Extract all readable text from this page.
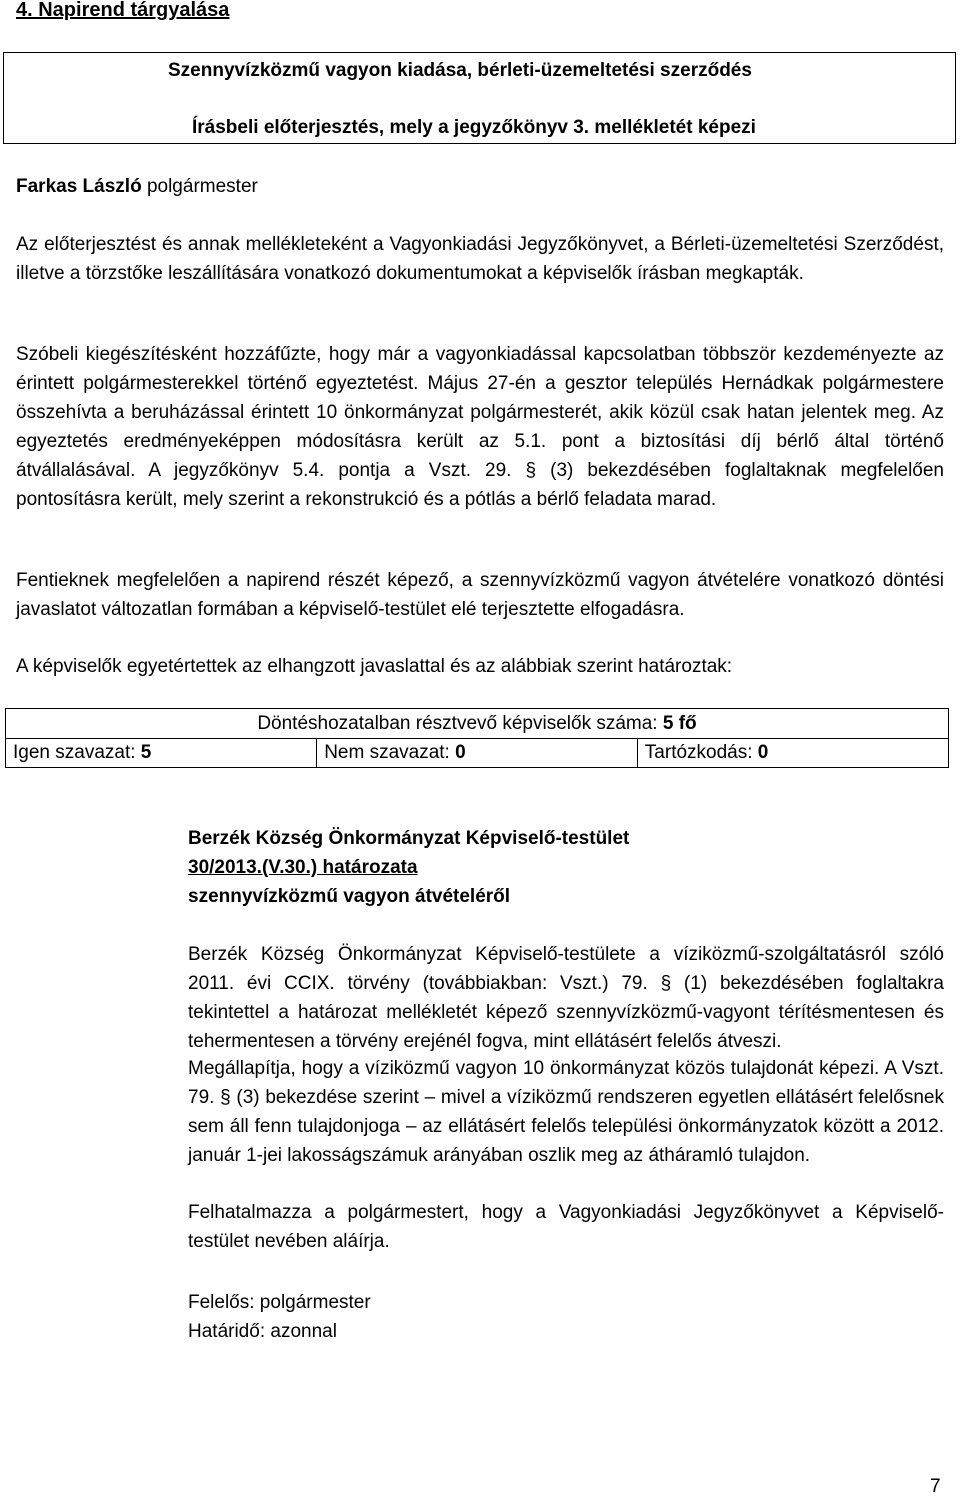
4. Napirend tárgyalása
Szennyvízközmű vagyon kiadása, bérleti-üzemeltetési szerződés
Írásbeli előterjesztés, mely a jegyzőkönyv 3. mellékletét képezi
Farkas László polgármester
Az előterjesztést és annak mellékleteként a Vagyonkiadási Jegyzőkönyvet, a Bérleti-üzemeltetési Szerződést, illetve a törzstőke leszállítására vonatkozó dokumentumokat a képviselők írásban megkapták.
Szóbeli kiegészítésként hozzáfűzte, hogy már a vagyonkiadással kapcsolatban többször kezdeményezte az érintett polgármesterekkel történő egyeztetést. Május 27-én a gesztor település Hernádkak polgármestere összehívta a beruházással érintett 10 önkormányzat polgármesterét, akik közül csak hatan jelentek meg. Az egyeztetés eredményeképpen módosításra került az 5.1. pont a biztosítási díj bérlő által történő átvállalásával. A jegyzőkönyv 5.4. pontja a Vszt. 29. § (3) bekezdésében foglaltaknak megfelelően pontosításra került, mely szerint a rekonstrukció és a pótlás a bérlő feladata marad.
Fentieknek megfelelően a napirend részét képező, a szennyvízközmű vagyon átvételére vonatkozó döntési javaslatot változatlan formában a képviselő-testület elé terjesztette elfogadásra.
A képviselők egyetértettek az elhangzott javaslattal és az alábbiak szerint határoztak:
Döntéshozatalban résztvevő képviselők száma: 5 fő
Igen szavazat: 5	Nem szavazat: 0	Tartózkodás: 0
Berzék Község Önkormányzat Képviselő-testület
30/2013.(V.30.) határozata
szennyvízközmű vagyon átvételéről
Berzék Község Önkormányzat Képviselő-testülete a víziközmű-szolgáltatásról szóló 2011. évi CCIX. törvény (továbbiakban: Vszt.) 79. § (1) bekezdésében foglaltakra tekintettel a határozat mellékletét képező szennyvízközmű-vagyont térítésmentesen és tehermentesen a törvény erejénél fogva, mint ellátásért felelős átveszi.
Megállapítja, hogy a víziközmű vagyon 10 önkormányzat közös tulajdonát képezi. A Vszt. 79. § (3) bekezdése szerint – mivel a víziközmű rendszeren egyetlen ellátásért felelősnek sem áll fenn tulajdonjoga – az ellátásért felelős települési önkormányzatok között a 2012. január 1-jei lakosságszámuk arányában oszlik meg az átháramló tulajdon.
Felhatalmazza a polgármestert, hogy a Vagyonkiadási Jegyzőkönyvet a Képviselő-testület nevében aláírja.
Felelős: polgármester
Határidő: azonnal
7
